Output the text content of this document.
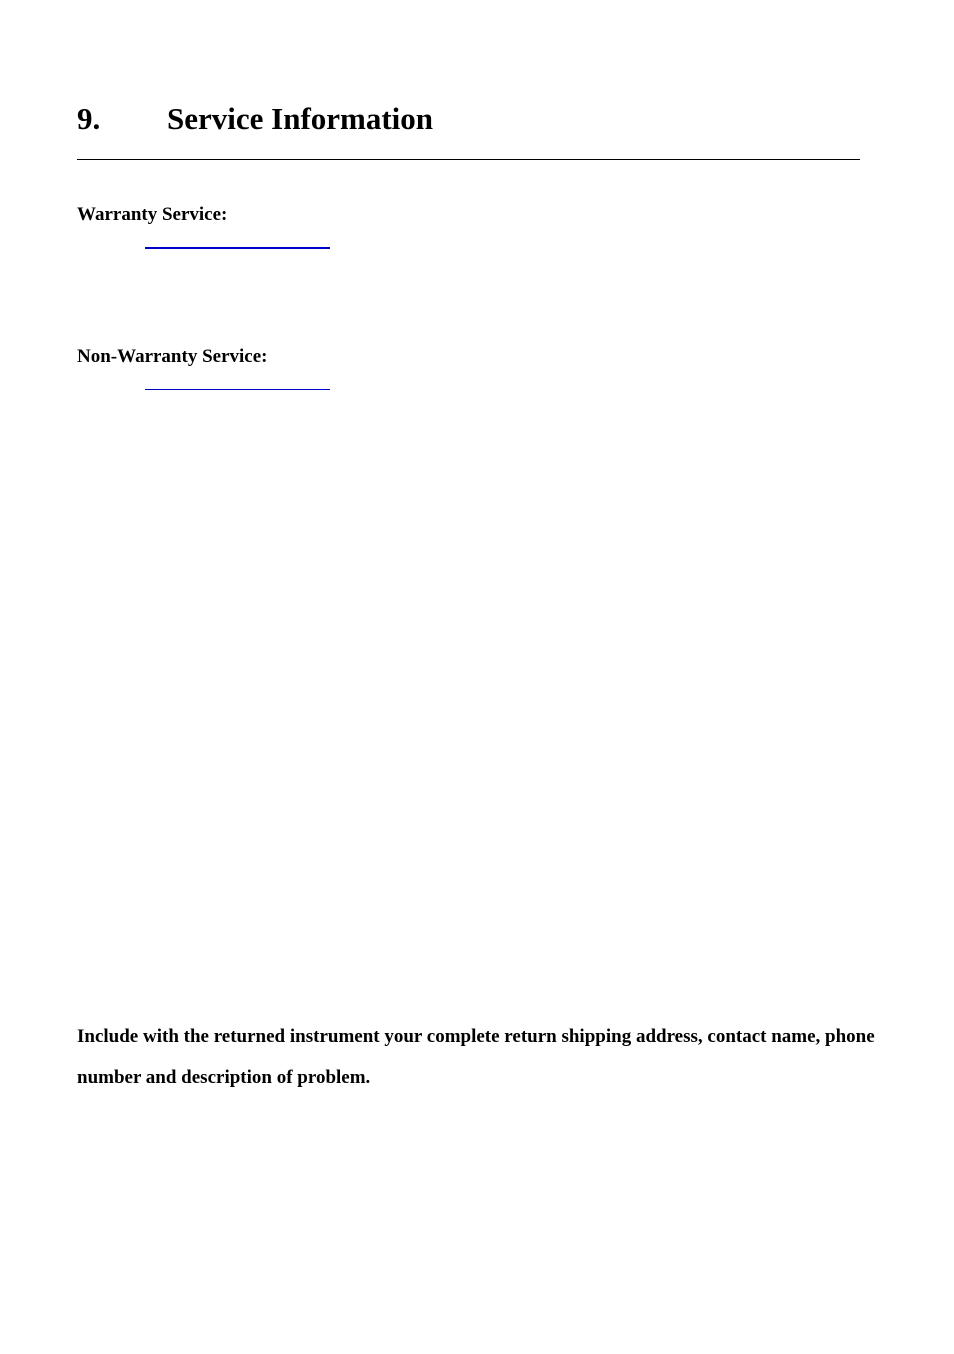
9. Service Information

Warranty Service:

Non-Warranty Service:

Include with the returned instrument your complete return shipping address, contact name, phone number and description of problem.
